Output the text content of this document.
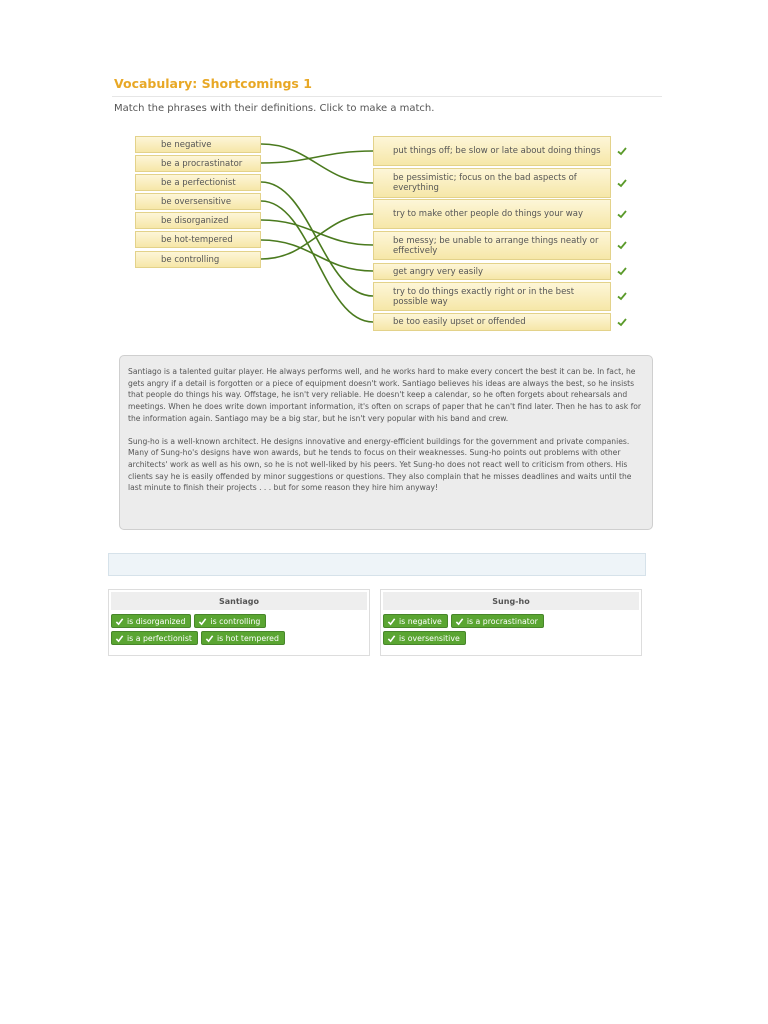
Vocabulary: Shortcomings 1
Match the phrases with their definitions. Click to make a match.
be negative
be a procrastinator
be a perfectionist
be oversensitive
be disorganized
be hot-tempered
be controlling
put things off; be slow or late about doing things
be pessimistic; focus on the bad aspects of everything
try to make other people do things your way
be messy; be unable to arrange things neatly or effectively
get angry very easily
try to do things exactly right or in the best possible way
be too easily upset or offended

Santiago is a talented guitar player. He always performs well, and he works hard to make every concert the best it can be. In fact, he gets angry if a detail is forgotten or a piece of equipment doesn't work. Santiago believes his ideas are always the best, so he insists that people do things his way. Offstage, he isn't very reliable. He doesn't keep a calendar, so he often forgets about rehearsals and meetings. When he does write down important information, it's often on scraps of paper that he can't find later. Then he has to ask for the information again. Santiago may be a big star, but he isn't very popular with his band and crew.

Sung-ho is a well-known architect. He designs innovative and energy-efficient buildings for the government and private companies. Many of Sung-ho's designs have won awards, but he tends to focus on their weaknesses. Sung-ho points out problems with other architects' work as well as his own, so he is not well-liked by his peers. Yet Sung-ho does not react well to criticism from others. His clients say he is easily offended by minor suggestions or questions. They also complain that he misses deadlines and waits until the last minute to finish their projects . . . but for some reason they hire him anyway!

Santiago
is disorganized	is controlling
is a perfectionist	is hot tempered
Sung-ho
is negative	is a procrastinator
is oversensitive
